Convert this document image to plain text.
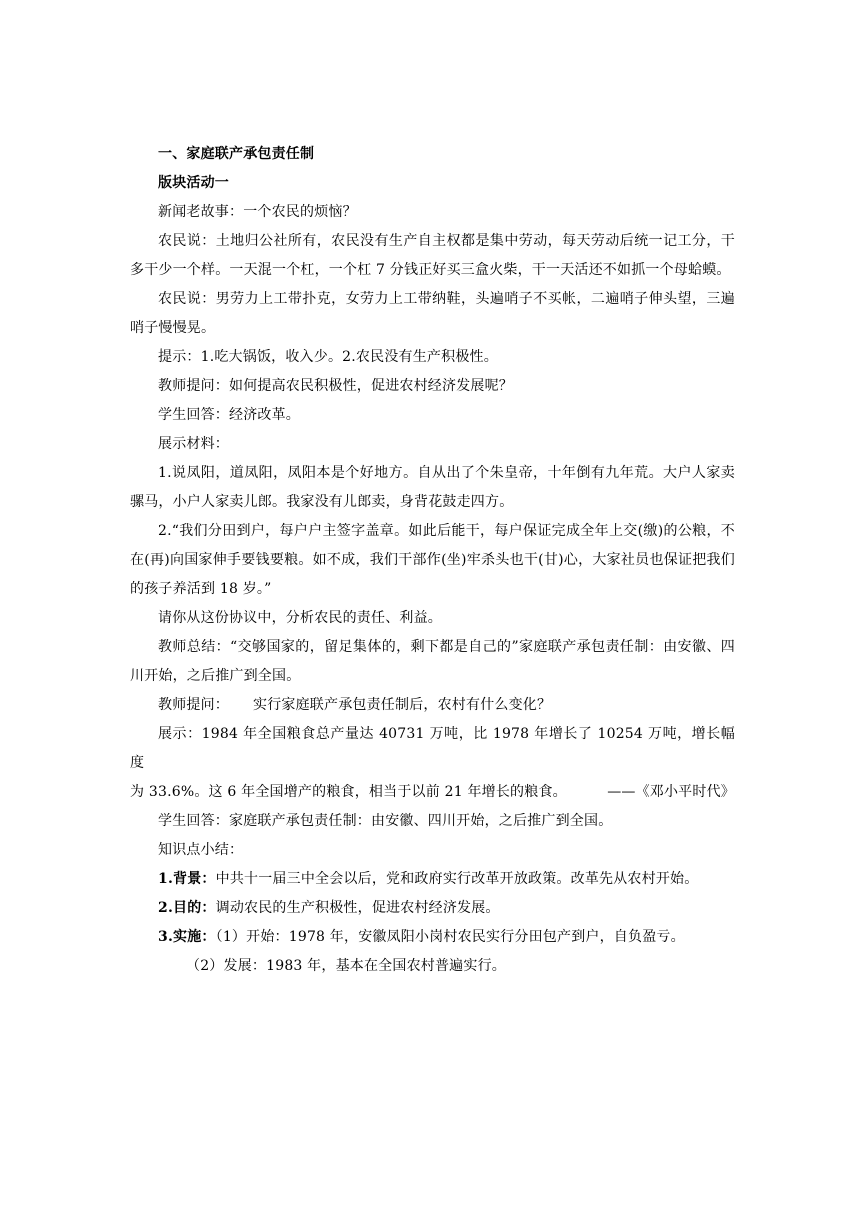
一、家庭联产承包责任制

版块活动一

新闻老故事：一个农民的烦恼？

农民说：土地归公社所有，农民没有生产自主权都是集中劳动，每天劳动后统一记工分，干多干少一个样。一天混一个杠，一个杠 7 分钱正好买三盒火柴，干一天活还不如抓一个母蛤蟆。

农民说：男劳力上工带扑克，女劳力上工带纳鞋，头遍哨子不买帐，二遍哨子伸头望，三遍哨子慢慢晃。

提示：1.吃大锅饭，收入少。2.农民没有生产积极性。

教师提问：如何提高农民积极性，促进农村经济发展呢？

学生回答：经济改革。

展示材料：

1.说凤阳，道凤阳，凤阳本是个好地方。自从出了个朱皇帝，十年倒有九年荒。大户人家卖骡马，小户人家卖儿郎。我家没有儿郎卖，身背花鼓走四方。

2.“我们分田到户，每户户主签字盖章。如此后能干，每户保证完成全年上交(缴)的公粮，不在(再)向国家伸手要钱要粮。如不成，我们干部作(坐)牢杀头也干(甘)心，大家社员也保证把我们的孩子养活到 18 岁。”

请你从这份协议中，分析农民的责任、利益。

教师总结：“交够国家的，留足集体的，剩下都是自己的”家庭联产承包责任制：由安徽、四川开始，之后推广到全国。

教师提问： 实行家庭联产承包责任制后，农村有什么变化？

展示：1984 年全国粮食总产量达 40731 万吨，比 1978 年增长了 10254 万吨，增长幅度

为 33.6%。这 6 年全国增产的粮食，相当于以前 21 年增长的粮食。	——《邓小平时代》

学生回答：家庭联产承包责任制：由安徽、四川开始，之后推广到全国。

知识点小结：

1.背景：中共十一届三中全会以后，党和政府实行改革开放政策。改革先从农村开始。

2.目的：调动农民的生产积极性，促进农村经济发展。

3.实施：（1）开始：1978 年，安徽凤阳小岗村农民实行分田包产到户，自负盈亏。

（2）发展：1983 年，基本在全国农村普遍实行。
